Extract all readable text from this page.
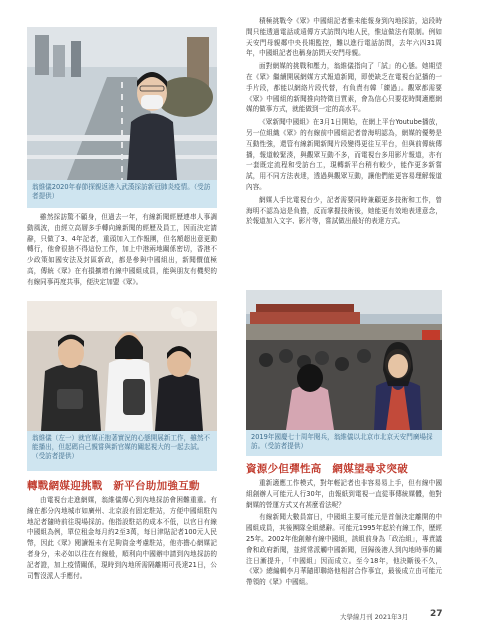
翁維儀2020年春節探親返港入武漢採訪新冠肺炎疫情。（受訪者提供）

積極挑戰令《眾》中國組記者雅未能報身到內地採訪，這段時間只能透過電話或遠傳方式訪問內地人民，惟這做法有限制。例如天安門母親鄰中央長期監控，難以進行電話訪問，去年六四31周年，中國組記者也稱身訪問天安門母親。

面對網媒的挑戰和壓力，翁維儀指向了「試」的心態。她期望在《眾》繼續開展網媒方式報道新聞，即使缺乏在電視台記播的一手片段，都能以網絡片段代替，有負責有韓「練過」。觀眾都需要《眾》中國組的新聞推向特徵目質素，會為信心只要花時間適應網媒的做事方式，就能做到一定的高水平。

《眾新聞中國組》在3月1日開始，在網上平台Youtube播放，另一位組織《眾》的有線前中國組記者曾海明認為，網媒的優勢是互動性強，還管有線新聞新聞片段變得更往互平台，但與前傳統傳播，報道較緊湊，與觀眾互動不多，而電視台多用影片報道，亦有一套既定流程和受訪台工，現轉新平台稍有較少，能作更多新嘗試，用不同方法表達，透過與觀眾互動，讓他們能更容易理解報道內容。

網媒人手比電視台少，記者需要同時兼顧更多技術和工作，曾海明不認為這是負擔，反而掌握技術後，她能更有效地表達意念，於報道加入文字、影片等，嘗試做出最好的表達方式。

雖然採訪驚不顧身，但過去一年，有線新聞經歷連串人事調動風波，由經立高層多手轉向線新聞的經歷及員工，因而決定請辭，只做了3、4年記者，重頭加入工作報團，但名額超出意更動轉行，他會很捨不得這份工作，加上中港兩地關係密切，香港不少政策如國安法及封區新政，都是參與中國組出，新聞價值極高，傳統《眾》在有損擴增有線中國組成員，能與朋友有機契的有線同事再度共事，便決定加盟《眾》。

翁維儀（左一）就官媒正抱著實況的心態開展新工作，雖然不能播出，但起碼自己親嘗與新官媒的關起視大的一起去試。（受訪者提供）
2019年國慶七十周年閱兵，翁維儀以北京市北京天安門廣場採訪。（受訪者提供）
轉戰網媒迎挑戰　新平台助加強互動

由電視台走進網媒，翁維儀傳心到內地採訪會困難重重。有線在都分內地城市如廣州、北京設有固定駐站，方便中國組駐內地記者隨時前往現場採訪。他指設駐站的成本不低，以官日有線中國組為例，單位租金每月約2至3萬，每日津貼記者100元人民幣，因此《眾》閱讀報未有足夠資金考慮駐站，他亦擔心網媒記者身分，未必如以往在有線般，順利向中國辦申請到內地採訪的記者證，加上疫情關係，現時到內地所需隔離期可長達21日，公司暫沒派人手應付。

資源少但彈性高　網媒望尋求突破

重新適應工作模式，對年輕記者也非容易易上手，但有線中國組創辦人可能元人行30年，由報紙到電視一直從事傳統媒體，他對網媒的營運方式又有甚麼看法呢？

有線新聞大數員富日，中國組主要可能元是首個決定離開的中國組成員，其後團隊全組總辭。可能元1995年起於有線工作，歷經25年。2002年他創辦有線中國組，該組前身為「政治組」，專責議會和政府新聞，並經常派觸中國新聞，回歸後港人到內地時事的關注日漸提升，「中國組」因而成立。至今18年，他決斷後不久，《眾》總編輯李月華隨即聯絡他相討合作事宜，最後成立由可能元帶領的《眾》中國組。

大學線月刊 2021年3月 27
